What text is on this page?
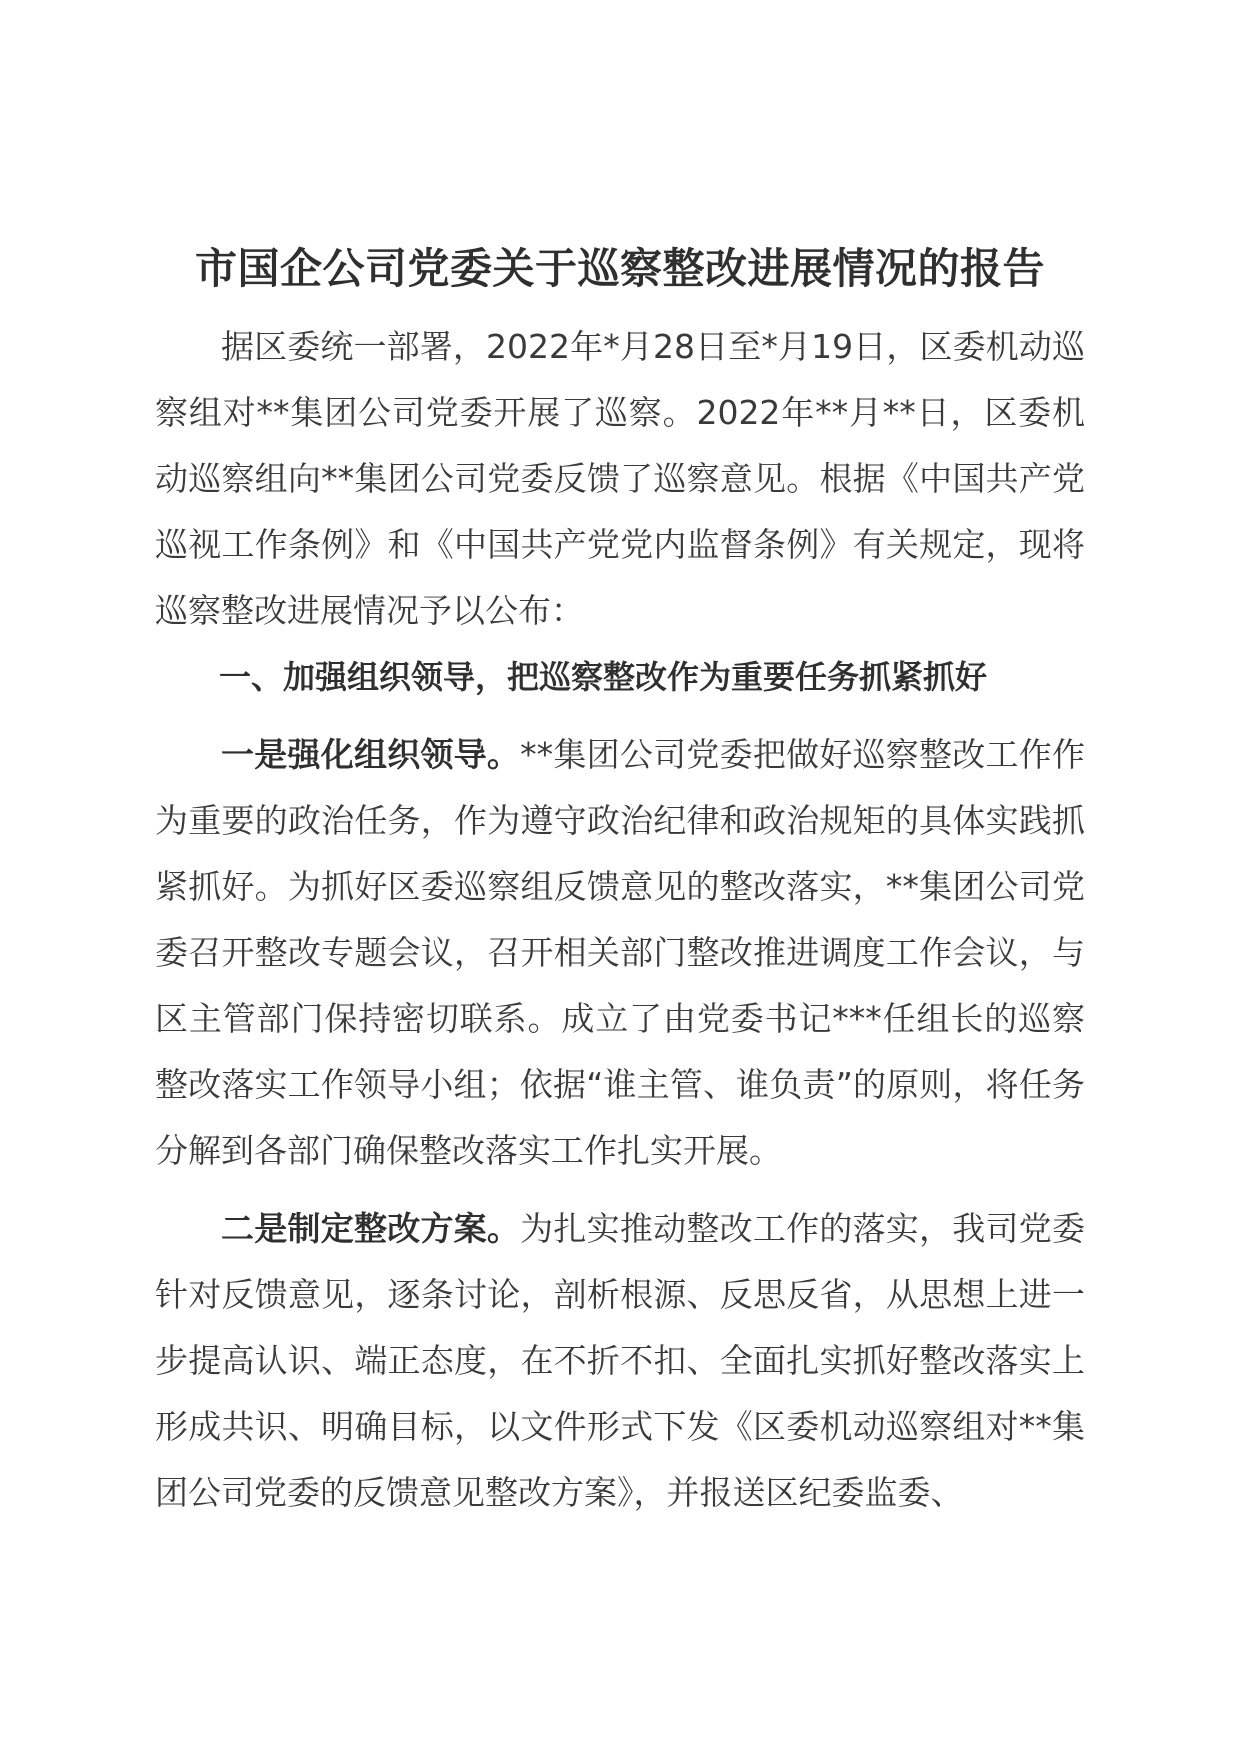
市国企公司党委关于巡察整改进展情况的报告

据区委统一部署，2022年*月28日至*月19日，区委机动巡察组对**集团公司党委开展了巡察。2022年**月**日，区委机动巡察组向**集团公司党委反馈了巡察意见。根据《中国共产党巡视工作条例》和《中国共产党党内监督条例》有关规定，现将巡察整改进展情况予以公布：

一、加强组织领导，把巡察整改作为重要任务抓紧抓好

一是强化组织领导。**集团公司党委把做好巡察整改工作作为重要的政治任务，作为遵守政治纪律和政治规矩的具体实践抓紧抓好。为抓好区委巡察组反馈意见的整改落实，**集团公司党委召开整改专题会议，召开相关部门整改推进调度工作会议，与区主管部门保持密切联系。成立了由党委书记***任组长的巡察整改落实工作领导小组；依据“谁主管、谁负责”的原则，将任务分解到各部门确保整改落实工作扎实开展。

二是制定整改方案。为扎实推动整改工作的落实，我司党委针对反馈意见，逐条讨论，剖析根源、反思反省，从思想上进一步提高认识、端正态度，在不折不扣、全面扎实抓好整改落实上形成共识、明确目标，以文件形式下发《区委机动巡察组对**集团公司党委的反馈意见整改方案》，并报送区纪委监委、
